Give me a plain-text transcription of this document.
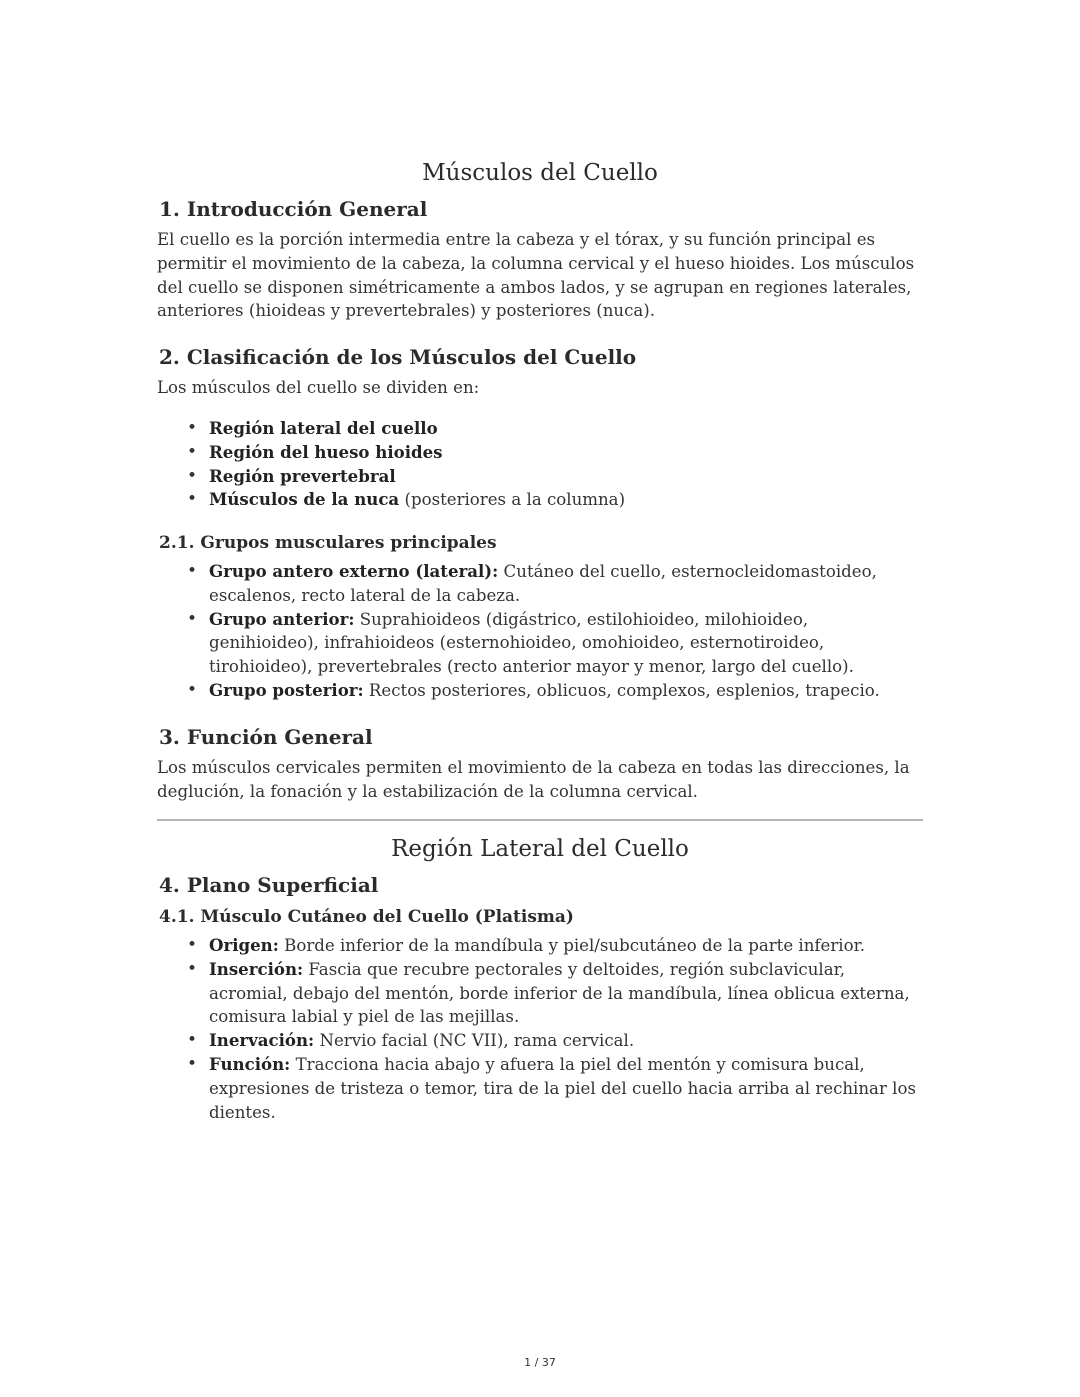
Músculos del Cuello
1. Introducción General

El cuello es la porción intermedia entre la cabeza y el tórax, y su función principal es permitir el movimiento de la cabeza, la columna cervical y el hueso hioides. Los músculos del cuello se disponen simétricamente a ambos lados, y se agrupan en regiones laterales, anteriores (hioideas y prevertebrales) y posteriores (nuca).

2. Clasificación de los Músculos del Cuello

Los músculos del cuello se dividen en:

• Región lateral del cuello
• Región del hueso hioides
• Región prevertebral
• Músculos de la nuca (posteriores a la columna)
2.1. Grupos musculares principales
• Grupo antero externo (lateral): Cutáneo del cuello, esternocleidomastoideo, escalenos, recto lateral de la cabeza.
• Grupo anterior: Suprahioideos (digástrico, estilohioideo, milohioideo, genihioideo), infrahioideos (esternohioideo, omohioideo, esternotiroideo, tirohioideo), prevertebrales (recto anterior mayor y menor, largo del cuello).
• Grupo posterior: Rectos posteriores, oblicuos, complexos, esplenios, trapecio.
3. Función General

Los músculos cervicales permiten el movimiento de la cabeza en todas las direcciones, la deglución, la fonación y la estabilización de la columna cervical.

Región Lateral del Cuello
4. Plano Superficial
4.1. Músculo Cutáneo del Cuello (Platisma)
• Origen: Borde inferior de la mandíbula y piel/subcutáneo de la parte inferior.
• Inserción: Fascia que recubre pectorales y deltoides, región subclavicular, acromial, debajo del mentón, borde inferior de la mandíbula, línea oblicua externa, comisura labial y piel de las mejillas.
• Inervación: Nervio facial (NC VII), rama cervical.
• Función: Tracciona hacia abajo y afuera la piel del mentón y comisura bucal, expresiones de tristeza o temor, tira de la piel del cuello hacia arriba al rechinar los dientes.
1 / 37
